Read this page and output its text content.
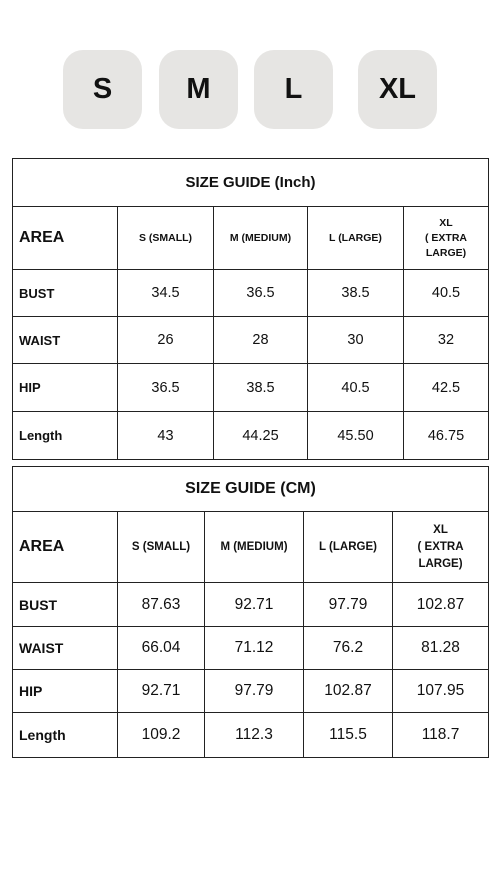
S	M	L	XL
SIZE GUIDE (Inch)				
AREA	S (SMALL)	M (MEDIUM)	L (LARGE)	XL
( EXTRA
LARGE)
BUST	34.5	36.5	38.5	40.5
WAIST	26	28	30	32
HIP	36.5	38.5	40.5	42.5
Length	43	44.25	45.50	46.75
SIZE GUIDE (CM)				
AREA	S (SMALL)	M (MEDIUM)	L (LARGE)	XL
( EXTRA
LARGE)
BUST	87.63	92.71	97.79	102.87
WAIST	66.04	71.12	76.2	81.28
HIP	92.71	97.79	102.87	107.95
Length	109.2	112.3	115.5	118.7
